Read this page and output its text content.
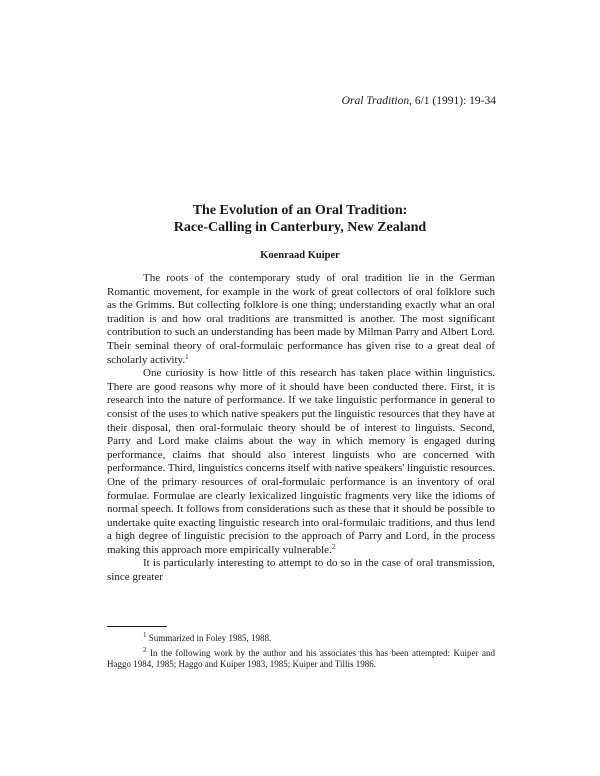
Oral Tradition, 6/1 (1991): 19-34
The Evolution of an Oral Tradition:
Race-Calling in Canterbury, New Zealand
Koenraad Kuiper

The roots of the contemporary study of oral tradition lie in the German Romantic movement, for example in the work of great collectors of oral folklore such as the Grimms. But collecting folklore is one thing; understanding exactly what an oral tradition is and how oral traditions are transmitted is another. The most significant contribution to such an understanding has been made by Milman Parry and Albert Lord. Their seminal theory of oral-formulaic performance has given rise to a great deal of scholarly activity.$^1$

One curiosity is how little of this research has taken place within linguistics. There are good reasons why more of it should have been conducted there. First, it is research into the nature of performance. If we take linguistic performance in general to consist of the uses to which native speakers put the linguistic resources that they have at their disposal, then oral-formulaic theory should be of interest to linguists. Second, Parry and Lord make claims about the way in which memory is engaged during performance, claims that should also interest linguists who are concerned with performance. Third, linguistics concerns itself with native speakers' linguistic resources. One of the primary resources of oral-formulaic performance is an inventory of oral formulae. Formulae are clearly lexicalized linguistic fragments very like the idioms of normal speech. It follows from considerations such as these that it should be possible to undertake quite exacting linguistic research into oral-formulaic traditions, and thus lend a high degree of linguistic precision to the approach of Parry and Lord, in the process making this approach more empirically vulnerable.$^2$

It is particularly interesting to attempt to do so in the case of oral transmission, since greater

$^1$ Summarized in Foley 1985, 1988.

$^2$ In the following work by the author and his associates this has been attempted: Kuiper and Haggo 1984, 1985; Haggo and Kuiper 1983, 1985; Kuiper and Tillis 1986.
